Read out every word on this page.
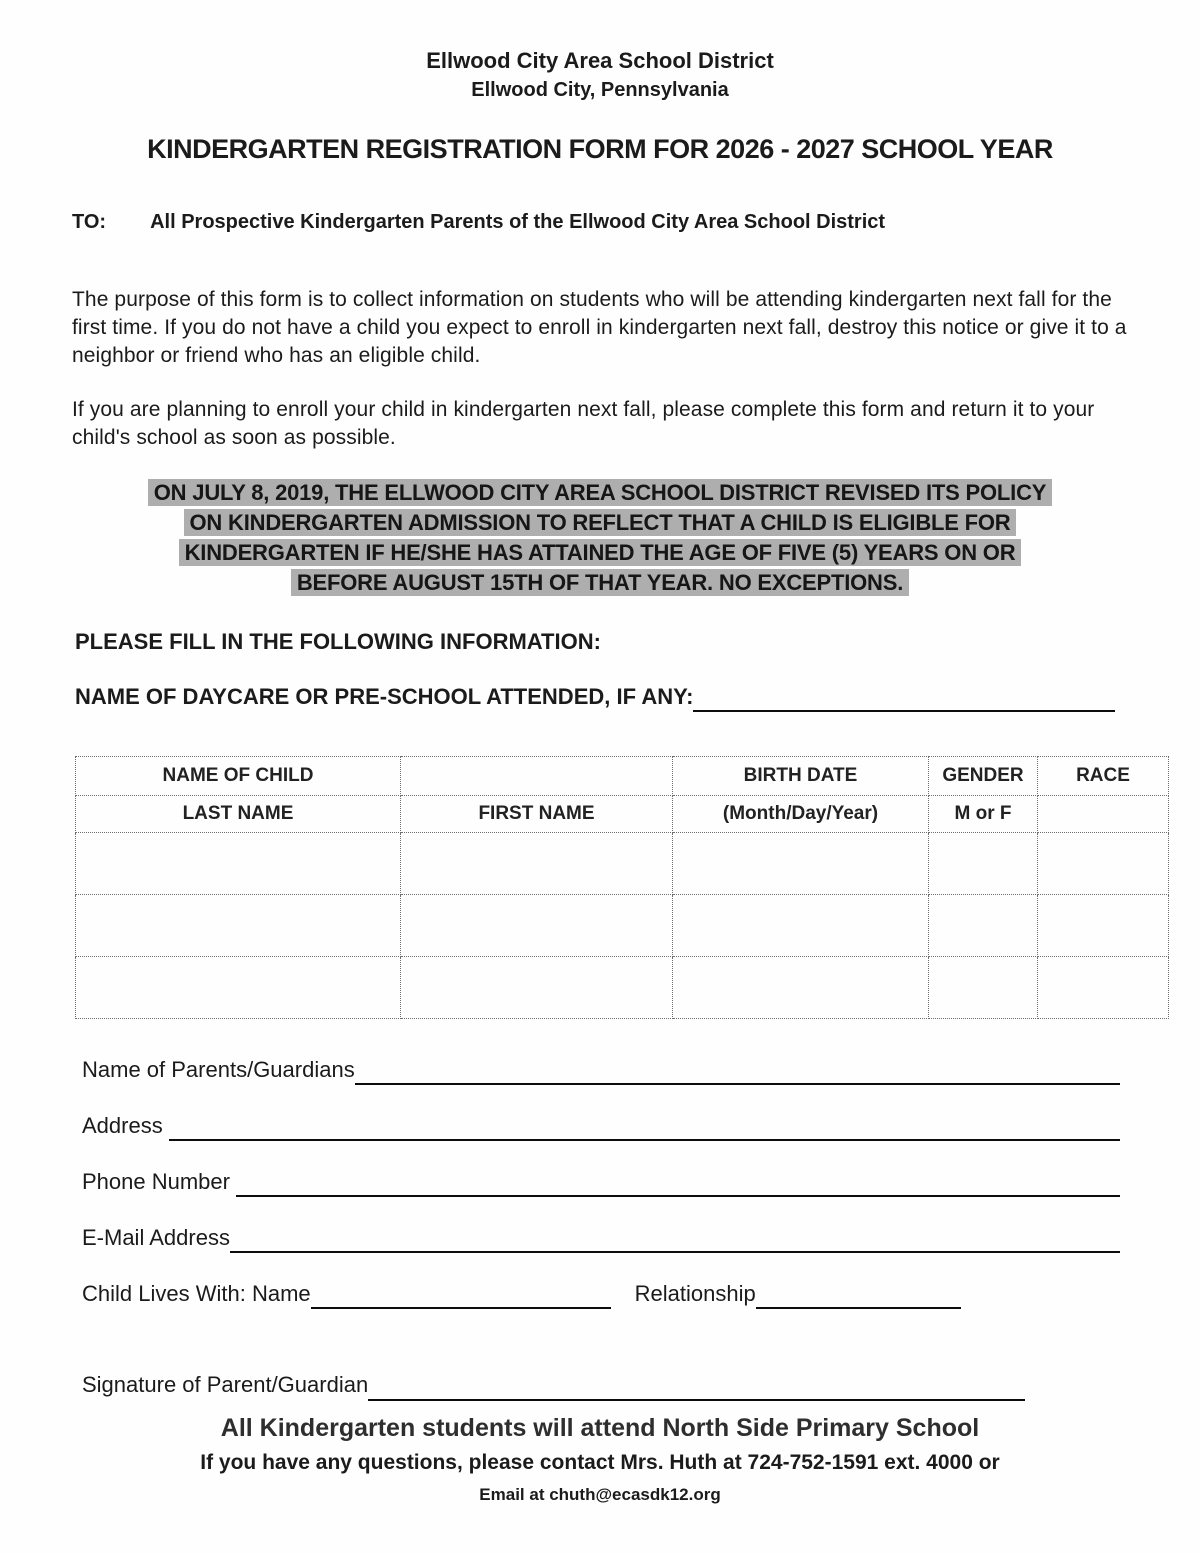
Ellwood City Area School District
Ellwood City, Pennsylvania
KINDERGARTEN REGISTRATION FORM FOR 2026 - 2027 SCHOOL YEAR
TO: All Prospective Kindergarten Parents of the Ellwood City Area School District
The purpose of this form is to collect information on students who will be attending kindergarten next fall for the first time. If you do not have a child you expect to enroll in kindergarten next fall, destroy this notice or give it to a neighbor or friend who has an eligible child.
If you are planning to enroll your child in kindergarten next fall, please complete this form and return it to your child's school as soon as possible.
ON JULY 8, 2019, THE ELLWOOD CITY AREA SCHOOL DISTRICT REVISED ITS POLICY
ON KINDERGARTEN ADMISSION TO REFLECT THAT A CHILD IS ELIGIBLE FOR
KINDERGARTEN IF HE/SHE HAS ATTAINED THE AGE OF FIVE (5) YEARS ON OR
BEFORE AUGUST 15TH OF THAT YEAR. NO EXCEPTIONS.
PLEASE FILL IN THE FOLLOWING INFORMATION:
NAME OF DAYCARE OR PRE-SCHOOL ATTENDED, IF ANY:
NAME OF CHILD		BIRTH DATE	GENDER	RACE
LAST NAME	FIRST NAME	(Month/Day/Year)	M or F	

Name of Parents/Guardians
Address
Phone Number
E-Mail Address
Child Lives With: Name	Relationship
Signature of Parent/Guardian
All Kindergarten students will attend North Side Primary School
If you have any questions, please contact Mrs. Huth at 724-752-1591 ext. 4000 or
Email at chuth@ecasdk12.org
